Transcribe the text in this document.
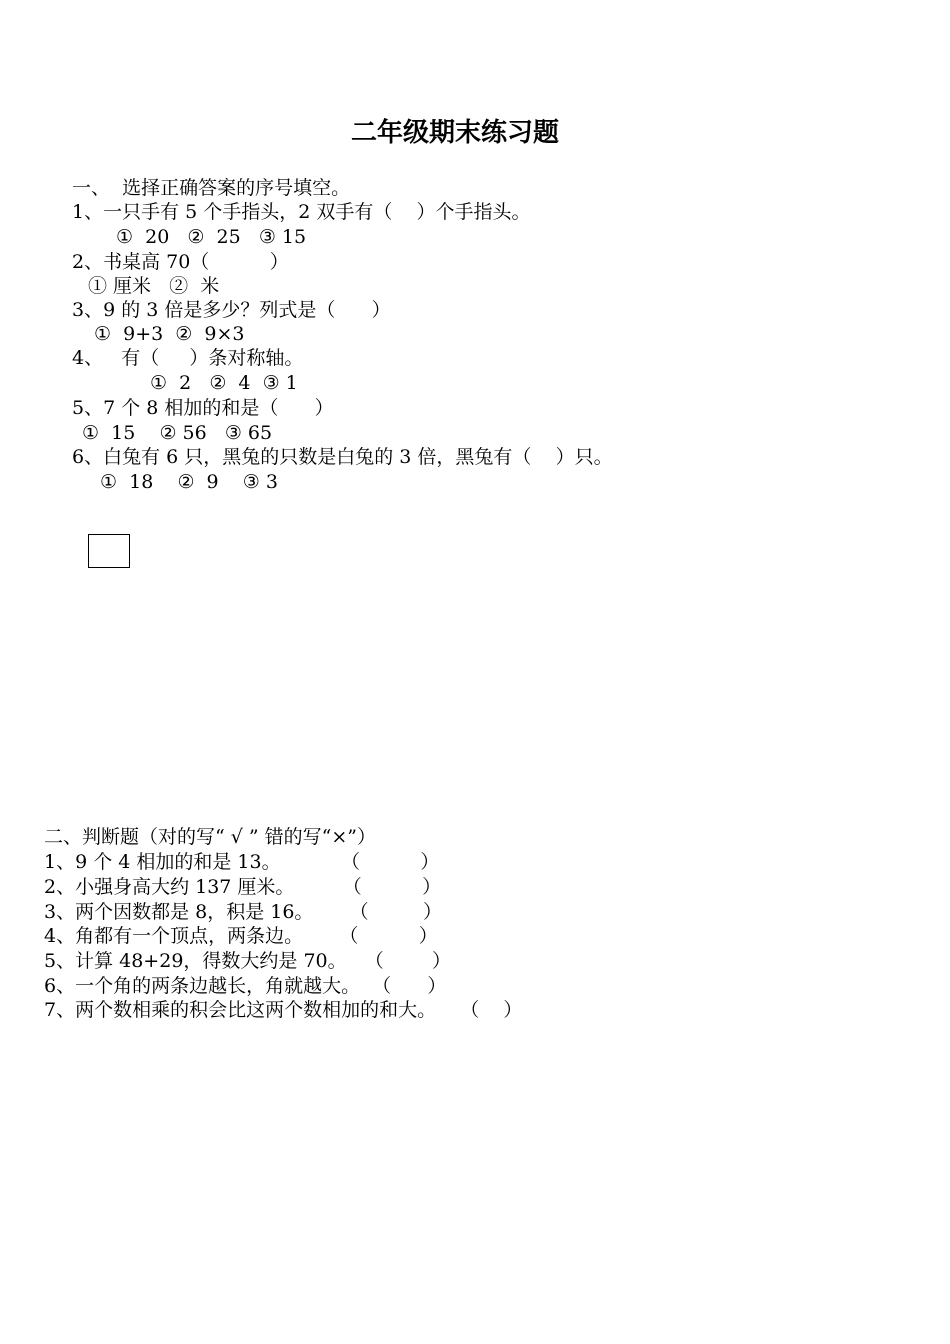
二年级期末练习题
一、  选择正确答案的序号填空。
1、一只手有 5 个手指头，2 双手有（    ）个手指头。
①  20   ②  25   ③ 15
2、书桌高 70（          ）
① 厘米   ②  米
3、9 的 3 倍是多少？列式是（      ）
①  9+3  ②  9×3
4、   有（     ）条对称轴。
①  2   ②  4  ③ 1
5、7 个 8 相加的和是（      ）
①  15    ② 56   ③ 65
6、白兔有 6 只，黑兔的只数是白兔的 3 倍，黑兔有（    ）只。
①  18    ②  9    ③ 3
二、判断题（对的写“ √ ” 错的写“×”）
1、9 个 4 相加的和是 13。          （          ）
2、小强身高大约 137 厘米。        （          ）
3、两个因数都是 8，积是 16。      （         ）
4、角都有一个顶点，两条边。      （          ）
5、计算 48+29，得数大约是 70。   （        ）
6、一个角的两条边越长，角就越大。  （      ）
7、两个数相乘的积会比这两个数相加的和大。    （    ）
